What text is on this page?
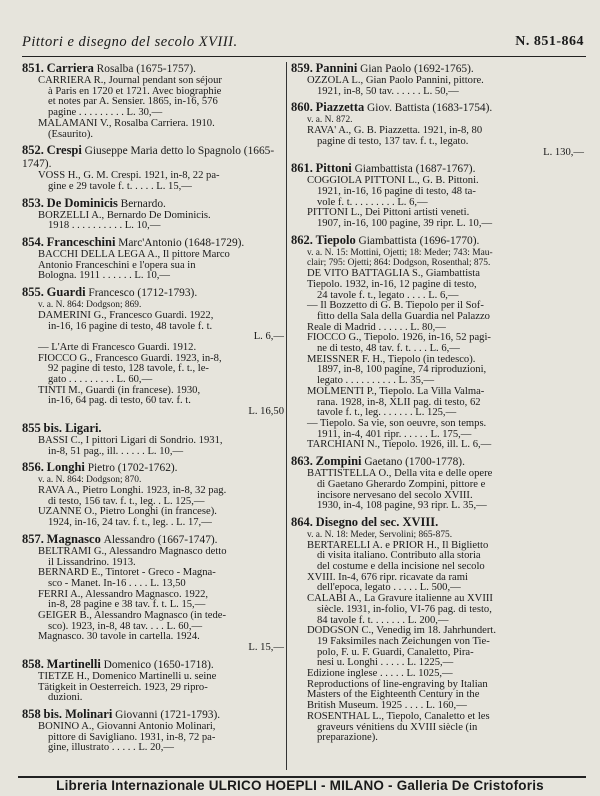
Pittori e disegno del secolo XVIII.	N. 851-864
851. Carriera Rosalba (1675-1757).
CARRIERA R., Journal pendant son séjour
à Paris en 1720 et 1721. Avec biographie
et notes par A. Sensier. 1865, in-16, 576
pagine . . . . . . . . . L. 30,—
MALAMANI V., Rosalba Carriera. 1910.
(Esaurito).
852. Crespi Giuseppe Maria detto lo Spagnolo (1665-1747).
VOSS H., G. M. Crespi. 1921, in-8, 22 pa-
gine e 29 tavole f. t. . . . . L. 15,—
853. De Dominicis Bernardo.
BORZELLI A., Bernardo De Dominicis.
1918 . . . . . . . . . . L. 10,—
854. Franceschini Marc'Antonio (1648-1729).
BACCHI DELLA LEGA A., Il pittore Marco
Antonio Franceschini e l'opera sua in
Bologna. 1911 . . . . . . L. 10,—
855. Guardi Francesco (1712-1793).
v. a. N. 864: Dodgson; 869.
DAMERINI G., Francesco Guardi. 1922,
in-16, 16 pagine di testo, 48 tavole f. t.
L. 6,—
— L'Arte di Francesco Guardi. 1912.
FIOCCO G., Francesco Guardi. 1923, in-8,
92 pagine di testo, 128 tavole, f. t., le-
gato . . . . . . . . . L. 60,—
TINTI M., Guardi (in francese). 1930,
in-16, 64 pag. di testo, 60 tav. f. t.
L. 16,50
855 bis. Ligari.
BASSI C., I pittori Ligari di Sondrio. 1931,
in-8, 51 pag., ill. . . . . . L. 10,—
856. Longhi Pietro (1702-1762).
v. a. N. 864: Dodgson; 870.
RAVA A., Pietro Longhi. 1923, in-8, 32 pag.
di testo, 156 tav. f. t., leg. . L. 125,—
UZANNE O., Pietro Longhi (in francese).
1924, in-16, 24 tav. f. t., leg. . L. 17,—
857. Magnasco Alessandro (1667-1747).
BELTRAMI G., Alessandro Magnasco detto
il Lissandrino. 1913.
BERNARD E., Tintoret - Greco - Magna-
sco - Manet. In-16 . . . . L. 13,50
FERRI A., Alessandro Magnasco. 1922,
in-8, 28 pagine e 38 tav. f. t. L. 15,—
GEIGER B., Alessandro Magnasco (in tede-
sco). 1923, in-8, 48 tav. . . . L. 60,—
Magnasco. 30 tavole in cartella. 1924.
L. 15,—
858. Martinelli Domenico (1650-1718).
TIETZE H., Domenico Martinelli u. seine
Tätigkeit in Oesterreich. 1923, 29 ripro-
duzioni.
858 bis. Molinari Giovanni (1721-1793).
BONINO A., Giovanni Antonio Molinari,
pittore di Savigliano. 1931, in-8, 72 pa-
gine, illustrato . . . . . L. 20,—
859. Pannini Gian Paolo (1692-1765).
OZZOLA L., Gian Paolo Pannini, pittore.
1921, in-8, 50 tav. . . . . . L. 50,—
860. Piazzetta Giov. Battista (1683-1754).
v. a. N. 872.
RAVA' A., G. B. Piazzetta. 1921, in-8, 80
pagine di testo, 137 tav. f. t., legato.
L. 130,—
861. Pittoni Giambattista (1687-1767).
COGGIOLA PITTONI L., G. B. Pittoni.
1921, in-16, 16 pagine di testo, 48 ta-
vole f. t. . . . . . . . . L. 6,—
PITTONI L., Dei Pittoni artisti veneti.
1907, in-16, 100 pagine, 39 ripr. L. 10,—
862. Tiepolo Giambattista (1696-1770).
v. a. N. 15: Mottini, Ojetti; 18: Meder; 743: Mau-
clair; 795: Ojetti; 864: Dodgson, Rosenthal; 875.
DE VITO BATTAGLIA S., Giambattista
Tiepolo. 1932, in-16, 12 pagine di testo,
24 tavole f. t., legato . . . . L. 6,—
— Il Bozzetto di G. B. Tiepolo per il Sof-
fitto della Sala della Guardia nel Palazzo
Reale di Madrid . . . . . . L. 80,—
FIOCCO G., Tiepolo. 1926, in-16, 52 pagi-
ne di testo, 48 tav. f. t. . . . L. 6,—
MEISSNER F. H., Tiepolo (in tedesco).
1897, in-8, 100 pagine, 74 riproduzioni,
legato . . . . . . . . . . L. 35,—
MOLMENTI P., Tiepolo. La Villa Valma-
rana. 1928, in-8, XLII pag. di testo, 62
tavole f. t., leg. . . . . . . L. 125,—
— Tiepolo. Sa vie, son oeuvre, son temps.
1911, in-4, 401 ripr. . . . . . L. 175,—
TARCHIANI N., Tiepolo. 1926, ill. L. 6,—
863. Zompini Gaetano (1700-1778).
BATTISTELLA O., Della vita e delle opere
di Gaetano Gherardo Zompini, pittore e
incisore nervesano del secolo XVIII.
1930, in-4, 108 pagine, 93 ripr. L. 35,—
864. Disegno del sec. XVIII.
v. a. N. 18: Meder, Servolini; 865-875.
BERTARELLI A. e PRIOR H., Il Biglietto
di visita italiano. Contributo alla storia
del costume e della incisione nel secolo
XVIII. In-4, 676 ripr. ricavate da rami
dell'epoca, legato . . . . . L. 500,—
CALABI A., La Gravure italienne au XVIII
siècle. 1931, in-folio, VI-76 pag. di testo,
84 tavole f. t. . . . . . . L. 200,—
DODGSON C., Venedig im 18. Jahrhundert.
19 Faksimiles nach Zeichungen von Tie-
polo, F. u. F. Guardi, Canaletto, Pira-
nesi u. Longhi . . . . . L. 1225,—
Edizione inglese . . . . . L. 1025,—
Reproductions of line-engraving by Italian
Masters of the Eighteenth Century in the
British Museum. 1925 . . . . L. 160,—
ROSENTHAL L., Tiepolo, Canaletto et les
graveurs vénitiens du XVIII siècle (in
preparazione).
Libreria Internazionale ULRICO HOEPLI - MILANO - Galleria De Cristoforis
